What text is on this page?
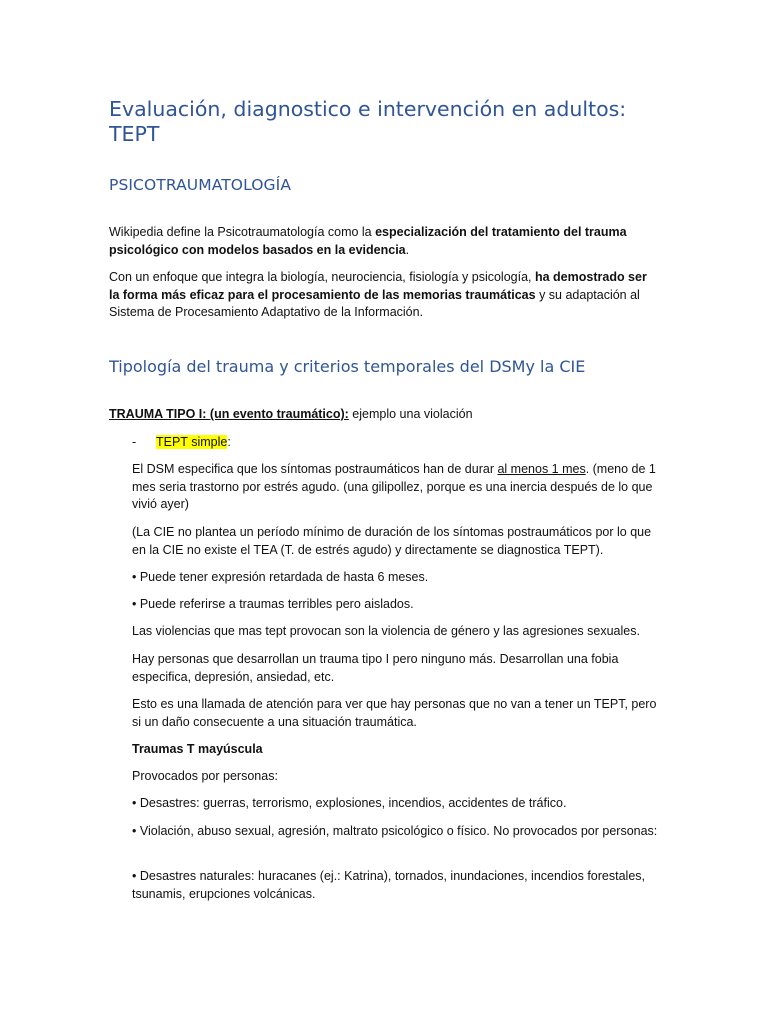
Evaluación, diagnostico e intervención en adultos: TEPT
PSICOTRAUMATOLOGÍA

Wikipedia define la Psicotraumatología como la especialización del tratamiento del trauma psicológico con modelos basados en la evidencia.

Con un enfoque que integra la biología, neurociencia, fisiología y psicología, ha demostrado ser la forma más eficaz para el procesamiento de las memorias traumáticas y su adaptación al Sistema de Procesamiento Adaptativo de la Información.

Tipología del trauma y criterios temporales del DSMy la CIE

TRAUMA TIPO I: (un evento traumático): ejemplo una violación

- TEPT simple:

El DSM especifica que los síntomas postraumáticos han de durar al menos 1 mes. (meno de 1 mes seria trastorno por estrés agudo. (una gilipollez, porque es una inercia después de lo que vivió ayer)

(La CIE no plantea un período mínimo de duración de los síntomas postraumáticos por lo que en la CIE no existe el TEA (T. de estrés agudo) y directamente se diagnostica TEPT).

• Puede tener expresión retardada de hasta 6 meses.

• Puede referirse a traumas terribles pero aislados.

Las violencias que mas tept provocan son la violencia de género y las agresiones sexuales.

Hay personas que desarrollan un trauma tipo I pero ninguno más. Desarrollan una fobia especifica, depresión, ansiedad, etc.

Esto es una llamada de atención para ver que hay personas que no van a tener un TEPT, pero si un daño consecuente a una situación traumática.

Traumas T mayúscula

Provocados por personas:

• Desastres: guerras, terrorismo, explosiones, incendios, accidentes de tráfico.

• Violación, abuso sexual, agresión, maltrato psicológico o físico. No provocados por personas:

• Desastres naturales: huracanes (ej.: Katrina), tornados, inundaciones, incendios forestales, tsunamis, erupciones volcánicas.
